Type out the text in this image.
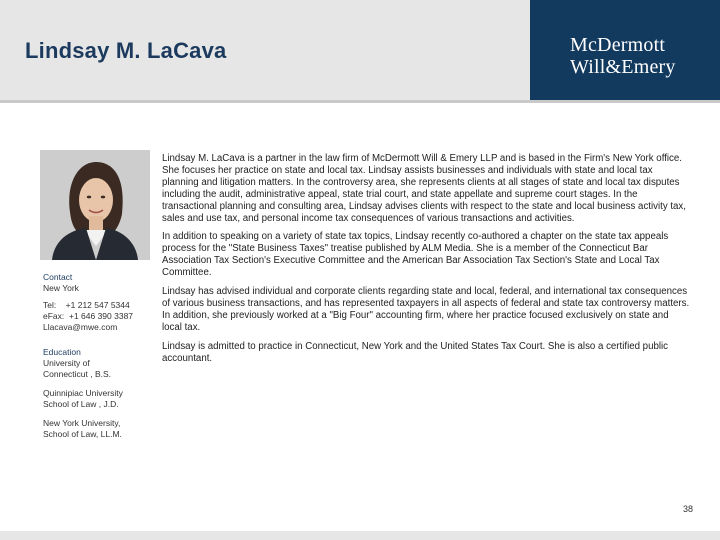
Lindsay M. LaCava	McDermott
Will&Emery

Contact

New York

Tel:    +1 212 547 5344

eFax:  +1 646 390 3387

Llacava@mwe.com

Education

University of

Connecticut , B.S.

Quinnipiac University

School of Law , J.D.

New York University,

School of Law, LL.M.

Lindsay M. LaCava is a partner in the law firm of McDermott Will & Emery LLP and is based in the Firm's New York office. She focuses her practice on state and local tax. Lindsay assists businesses and individuals with state and local tax planning and litigation matters. In the controversy area, she represents clients at all stages of state and local tax disputes including the audit, administrative appeal, state trial court, and state appellate and supreme court stages. In the transactional planning and consulting area, Lindsay advises clients with respect to the state and local business activity tax, sales and use tax, and personal income tax consequences of various transactions and activities.

In addition to speaking on a variety of state tax topics, Lindsay recently co-authored a chapter on the state tax appeals process for the "State Business Taxes" treatise published by ALM Media. She is a member of the Connecticut Bar Association Tax Section's Executive Committee and the American Bar Association Tax Section's State and Local Tax Committee.

Lindsay has advised individual and corporate clients regarding state and local, federal, and international tax consequences of various business transactions, and has represented taxpayers in all aspects of federal and state tax controversy matters. In addition, she previously worked at a "Big Four" accounting firm, where her practice focused exclusively on state and local tax.

Lindsay is admitted to practice in Connecticut, New York and the United States Tax Court. She is also a certified public accountant.

38
